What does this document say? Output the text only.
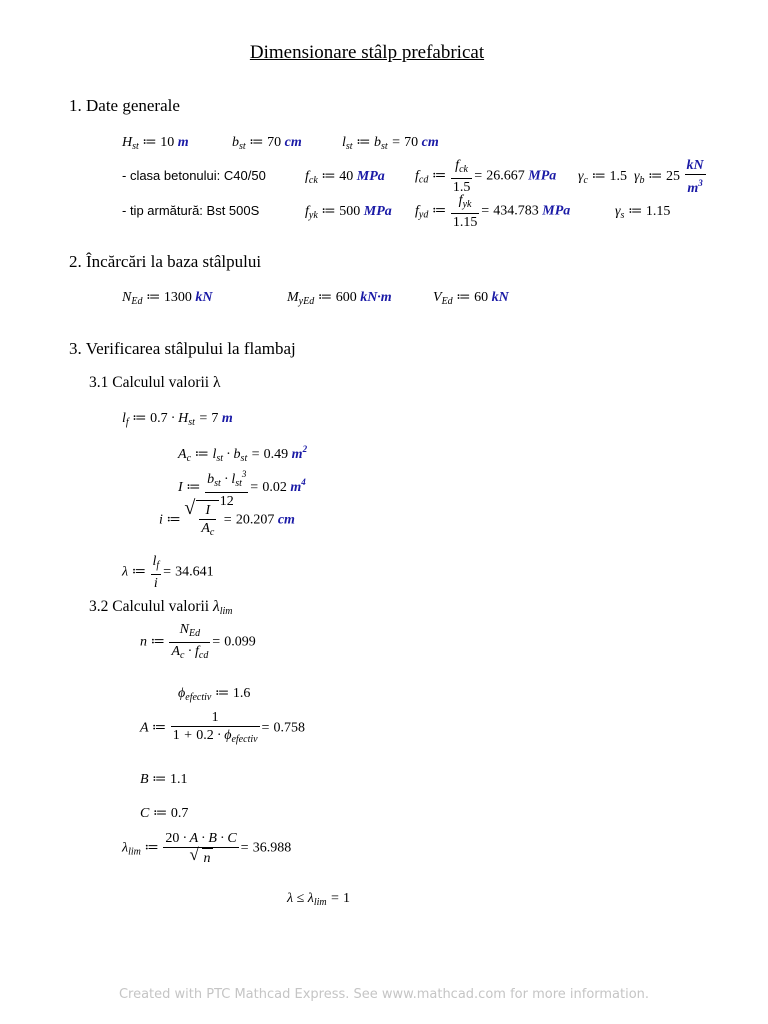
Dimensionare stâlp prefabricat
1. Date generale
$H_{st}$ ≔ 10 m	$b_{st}$ ≔ 70 cm	$l_{st}$ ≔ $b_{st} = 70$ cm
- clasa betonului: C40/50	$f_{ck}$ ≔ 40 MPa $f_{cd}$ ≔ $\frac{f_{ck}}{1.5} = 26.667$ MPa $\gamma_c$ ≔ 1.5 $\gamma_b$ ≔ $25 \frac{kN}{m^3}$
- tip armătură: Bst 500S	$f_{yk}$ ≔ 500 MPa $f_{yd}$ ≔ $\frac{f_{yk}}{1.15} = 434.783$ MPa	$\gamma_s$ ≔ 1.15
2. Încărcări la baza stâlpului
$N_{Ed}$ ≔ 1300 kN	$M_{yEd}$ ≔ 600 kN·m	$V_{Ed}$ ≔ 60 kN
3. Verificarea stâlpului la flambaj
3.1 Calculul valorii λ
$l_f$ ≔ $0.7 \cdot H_{st} = 7$ m
$A_c$ ≔ $l_{st} \cdot b_{st} = 0.49$ $m^2$
I ≔ $\frac{b_{st} \cdot l_{st}^3}{12} = 0.02$ $m^4$
i ≔
√ $\frac{I}{A_c} = 20.207$ cm
λ ≔ $\frac{l_f}{i} = 34.641$
3.2 Calculul valorii $\lambda_{lim}$
n ≔ $\frac{N_{Ed}}{A_c \cdot f_{cd}} = 0.099$
$\phi_{efectiv}$ ≔ 1.6
A ≔ $\frac{1}{1 + 0.2 \cdot \phi_{efectiv}} = 0.758$
B ≔ 1.1
C ≔ 0.7
$\lambda_{lim}$ ≔ $\frac{20 \cdot A \cdot B \cdot C}{√ n} = 36.988$
$\lambda \le \lambda_{lim} = 1$
Created with PTC Mathcad Express. See www.mathcad.com for more information.
